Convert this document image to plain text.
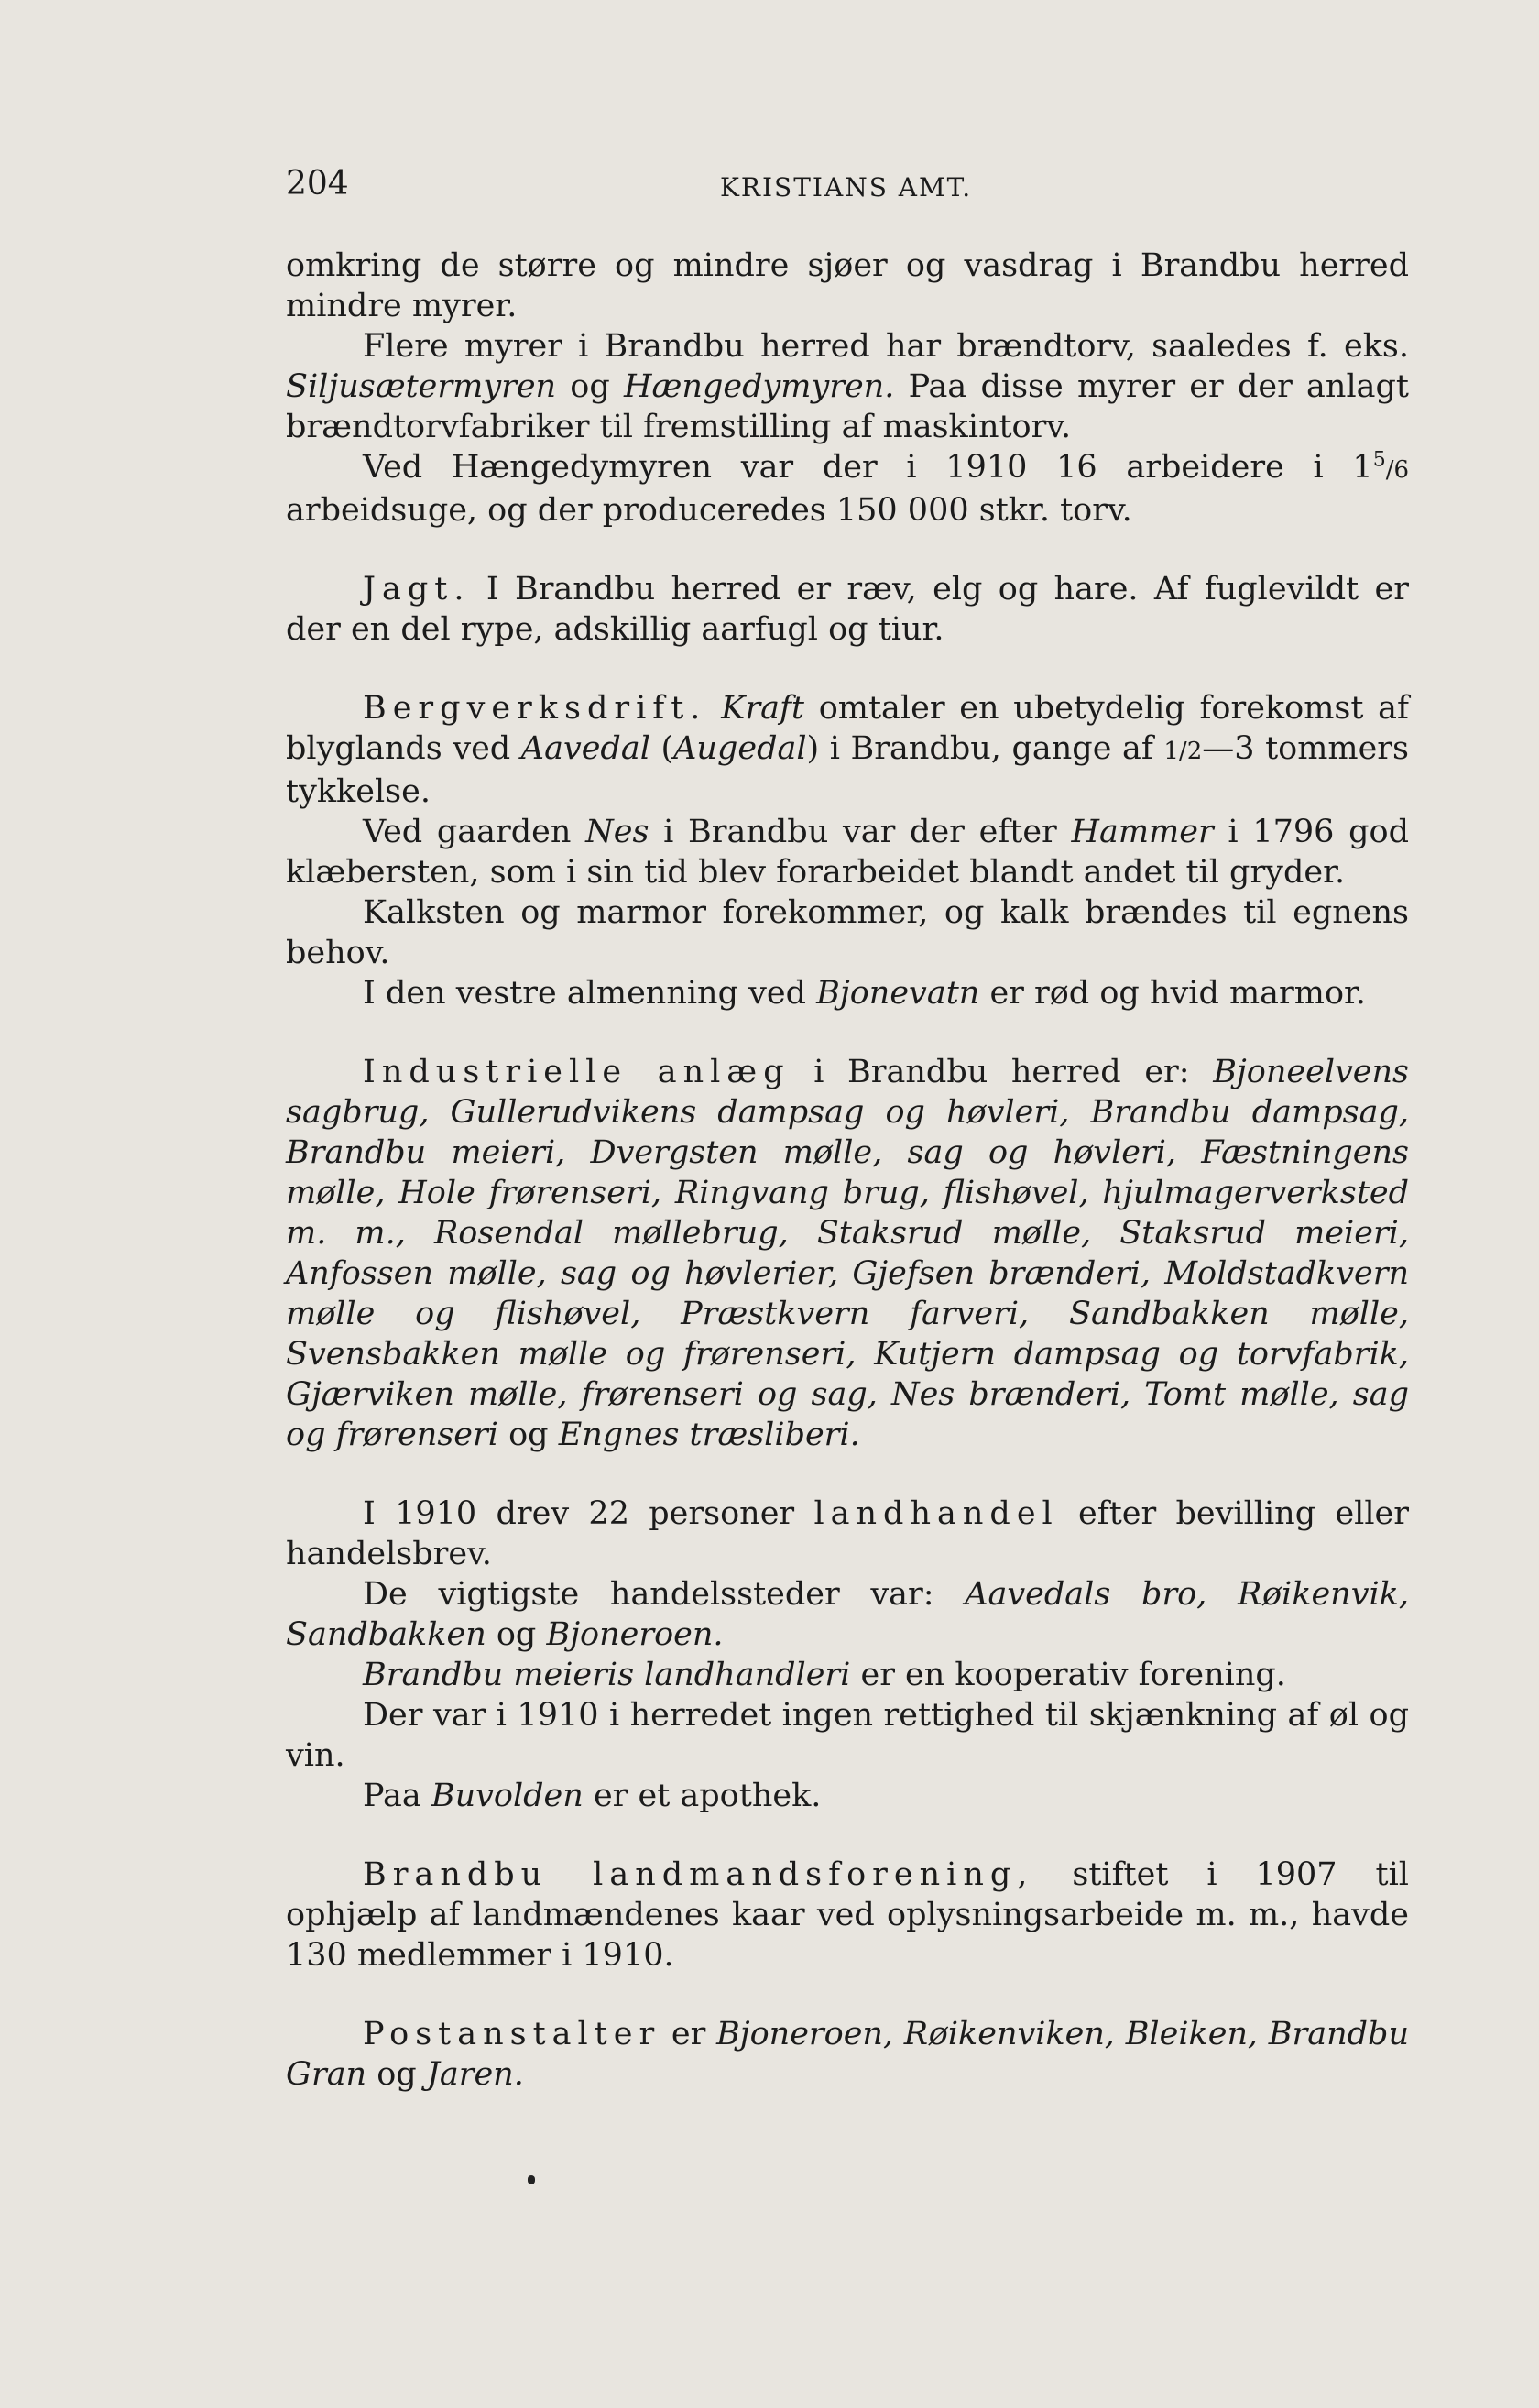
204	KRISTIANS AMT.

omkring de større og mindre sjøer og vasdrag i Brandbu herred mindre myrer.

Flere myrer i Brandbu herred har brændtorv, saaledes f. eks. Siljusætermyren og Hængedymyren. Paa disse myrer er der anlagt brændtorvfabriker til fremstilling af maskintorv.

Ved Hængedymyren var der i 1910 16 arbeidere i $1^5/6$ arbeidsuge, og der produceredes 150 000 stkr. torv.

Jagt. I Brandbu herred er ræv, elg og hare. Af fuglevildt er der en del rype, adskillig aarfugl og tiur.

Bergverksdrift. Kraft omtaler en ubetydelig forekomst af blyglands ved Aavedal (Augedal) i Brandbu, gange af 1/2—3 tommers tykkelse.

Ved gaarden Nes i Brandbu var der efter Hammer i 1796 god klæbersten, som i sin tid blev forarbeidet blandt andet til gryder.

Kalksten og marmor forekommer, og kalk brændes til egnens behov.

I den vestre almenning ved Bjonevatn er rød og hvid marmor.

Industrielle anlæg i Brandbu herred er: Bjoneelvens sagbrug, Gullerudvikens dampsag og høvleri, Brandbu dampsag, Brandbu meieri, Dvergsten mølle, sag og høvleri, Fæstningens mølle, Hole frørenseri, Ringvang brug, flishøvel, hjulmagerverksted m. m., Rosendal møllebrug, Staksrud mølle, Staksrud meieri, Anfossen mølle, sag og høvlerier, Gjefsen brænderi, Moldstadkvern mølle og flishøvel, Præstkvern farveri, Sandbakken mølle, Svensbakken mølle og frørenseri, Kutjern dampsag og torvfabrik, Gjærviken mølle, frørenseri og sag, Nes brænderi, Tomt mølle, sag og frørenseri og Engnes træsliberi.

I 1910 drev 22 personer landhandel efter bevilling eller handelsbrev.

De vigtigste handelssteder var: Aavedals bro, Røikenvik, Sandbakken og Bjoneroen.

Brandbu meieris landhandleri er en kooperativ forening.

Der var i 1910 i herredet ingen rettighed til skjænkning af øl og vin.

Paa Buvolden er et apothek.

Brandbu landmandsforening, stiftet i 1907 til ophjælp af landmændenes kaar ved oplysningsarbeide m. m., havde 130 medlemmer i 1910.

Postanstalter er Bjoneroen, Røikenviken, Bleiken, Brandbu Gran og Jaren.
